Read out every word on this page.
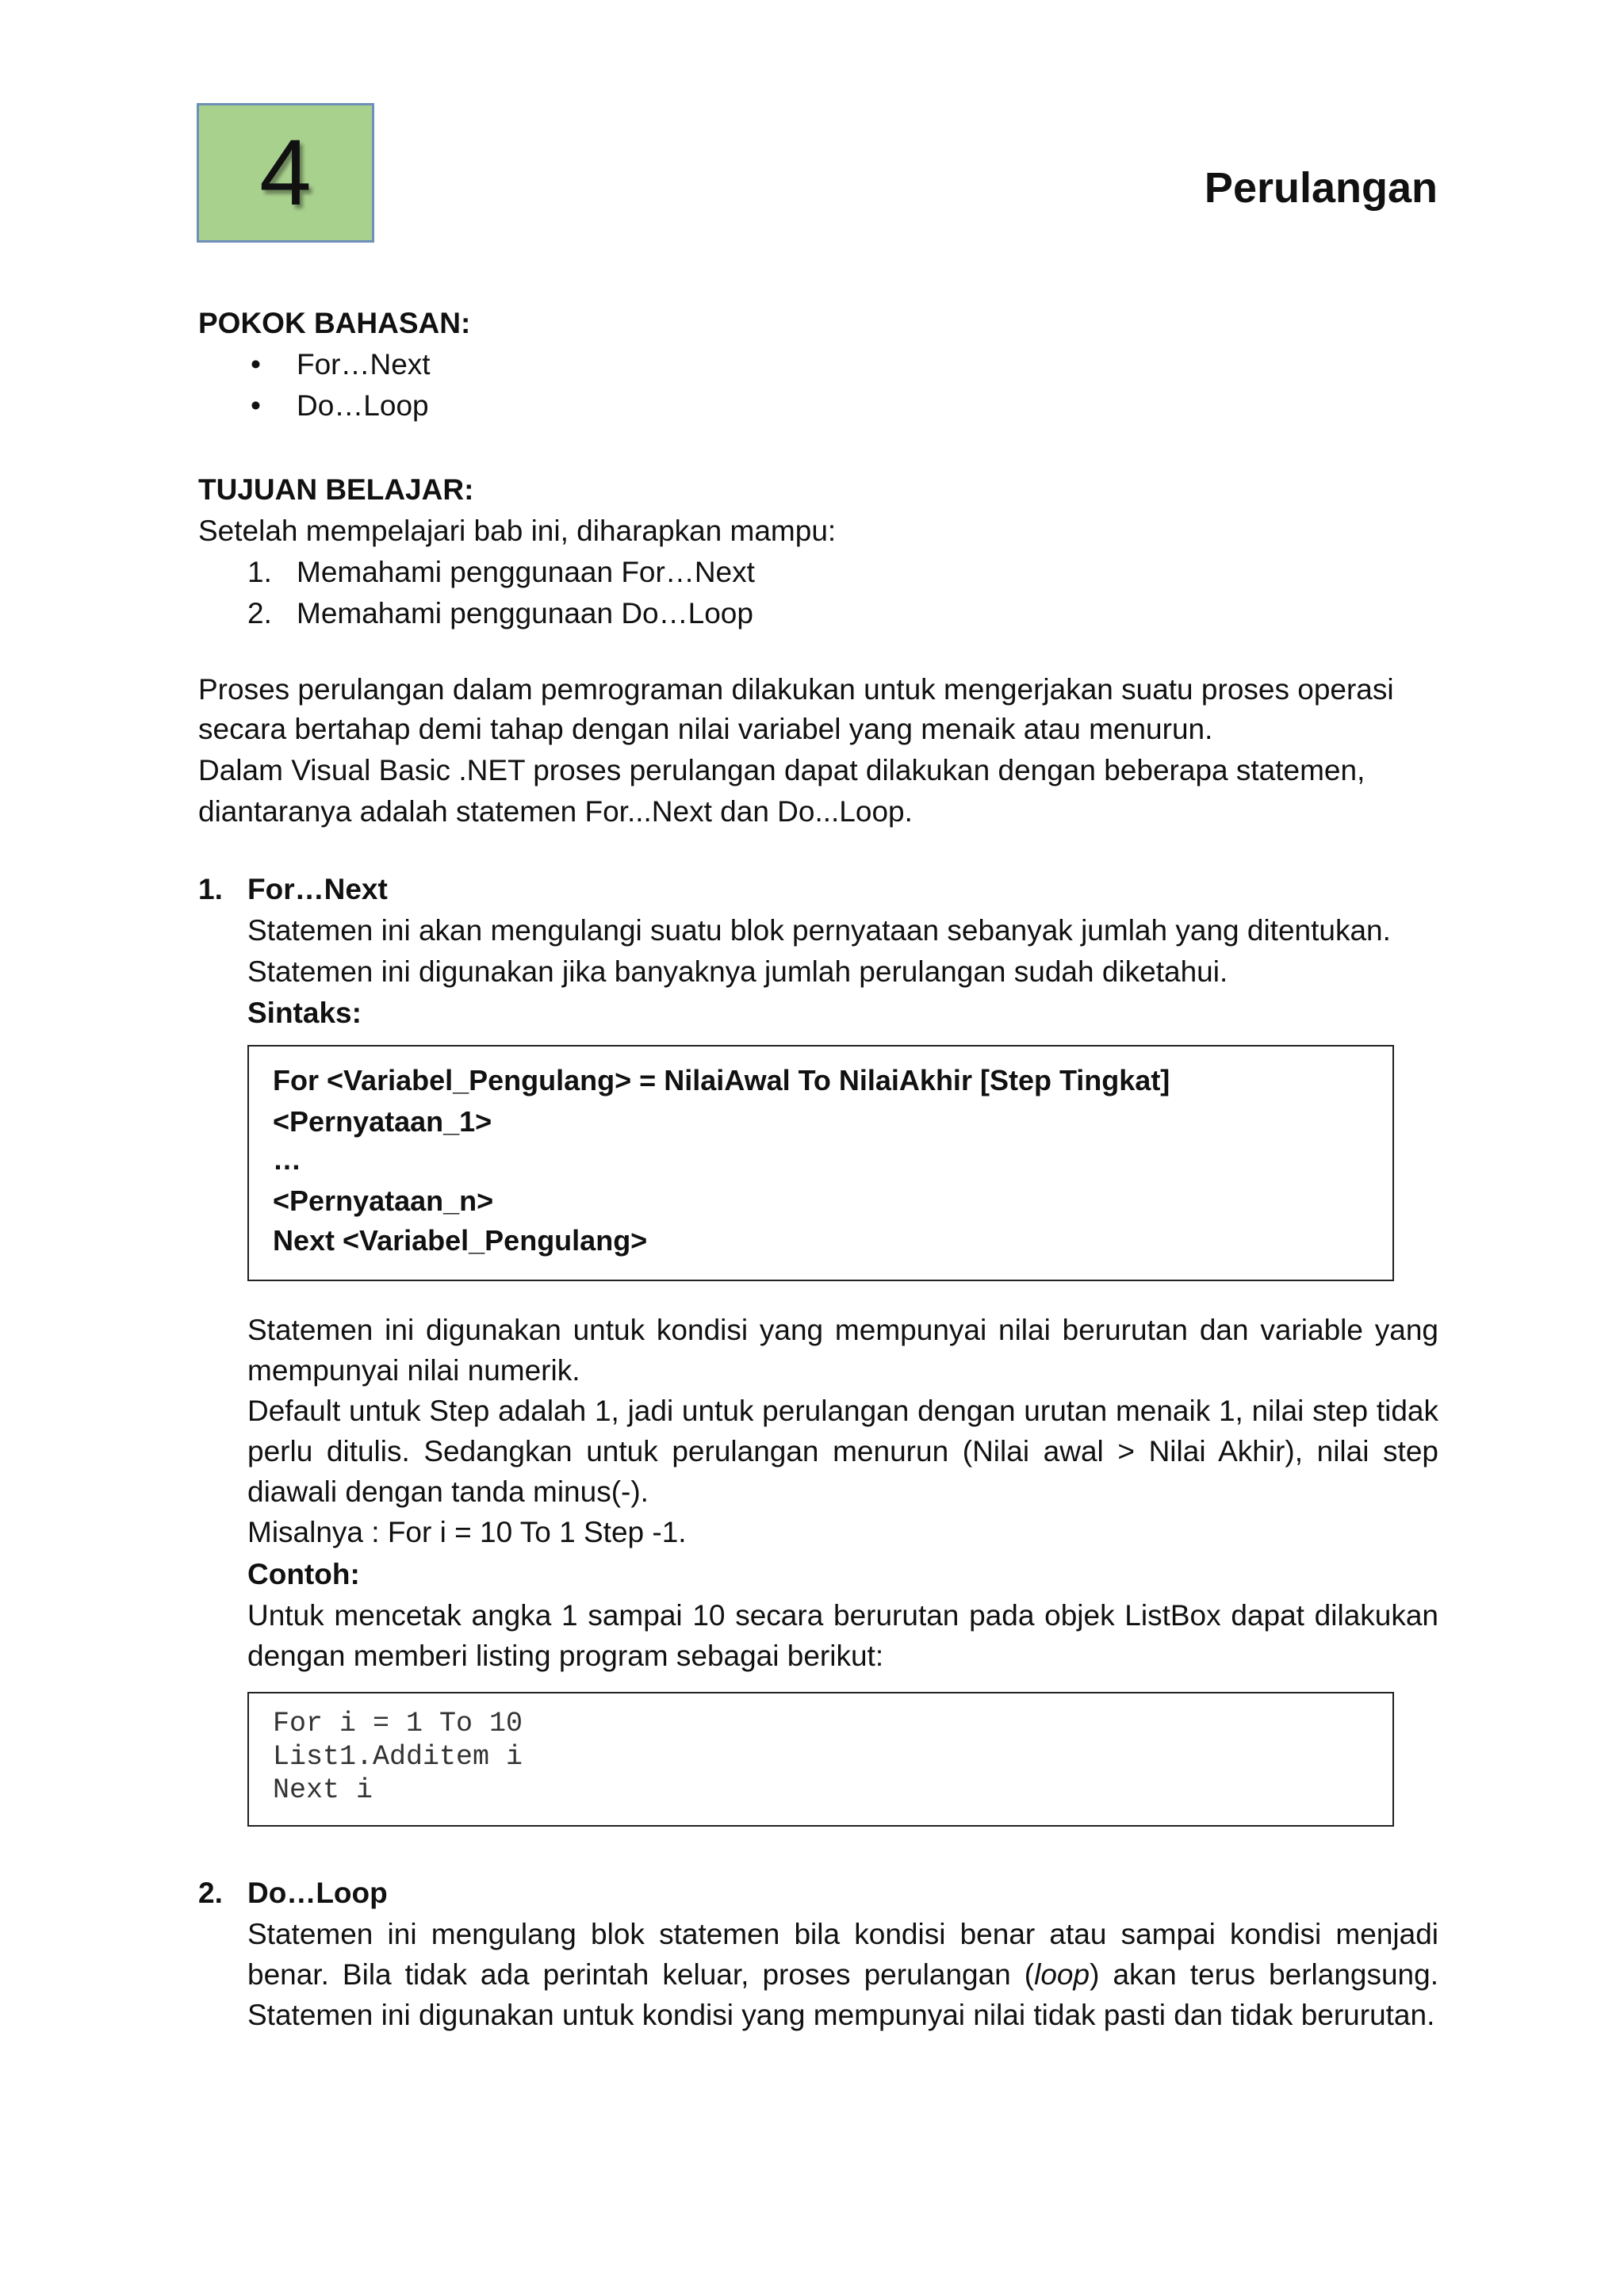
4	Perulangan
POKOK BAHASAN:
• For…Next
• Do…Loop
TUJUAN BELAJAR:
Setelah mempelajari bab ini, diharapkan mampu:
1. Memahami penggunaan For…Next
2. Memahami penggunaan Do…Loop
Proses perulangan dalam pemrograman dilakukan untuk mengerjakan suatu proses operasi
secara bertahap demi tahap dengan nilai variabel yang menaik atau menurun.
Dalam Visual Basic .NET proses perulangan dapat dilakukan dengan beberapa statemen,
diantaranya adalah statemen For...Next dan Do...Loop.
1. For…Next
Statemen ini akan mengulangi suatu blok pernyataan sebanyak jumlah yang ditentukan.
Statemen ini digunakan jika banyaknya jumlah perulangan sudah diketahui.
Sintaks:
For <Variabel_Pengulang> = NilaiAwal To NilaiAkhir [Step Tingkat]
<Pernyataan_1>
…
<Pernyataan_n>
Next <Variabel_Pengulang>

Statemen ini digunakan untuk kondisi yang mempunyai nilai berurutan dan variable yang mempunyai nilai numerik.

Default untuk Step adalah 1, jadi untuk perulangan dengan urutan menaik 1, nilai step tidak perlu ditulis. Sedangkan untuk perulangan menurun (Nilai awal > Nilai Akhir), nilai step diawali dengan tanda minus(-).

Misalnya : For i = 10 To 1 Step -1.

Contoh:
Untuk mencetak angka 1 sampai 10 secara berurutan pada objek ListBox dapat dilakukan dengan memberi listing program sebagai berikut:
For i = 1 To 10
List1.Additem i
Next i
2. Do…Loop
Statemen ini mengulang blok statemen bila kondisi benar atau sampai kondisi menjadi benar. Bila tidak ada perintah keluar, proses perulangan (loop) akan terus berlangsung. Statemen ini digunakan untuk kondisi yang mempunyai nilai tidak pasti dan tidak berurutan.
